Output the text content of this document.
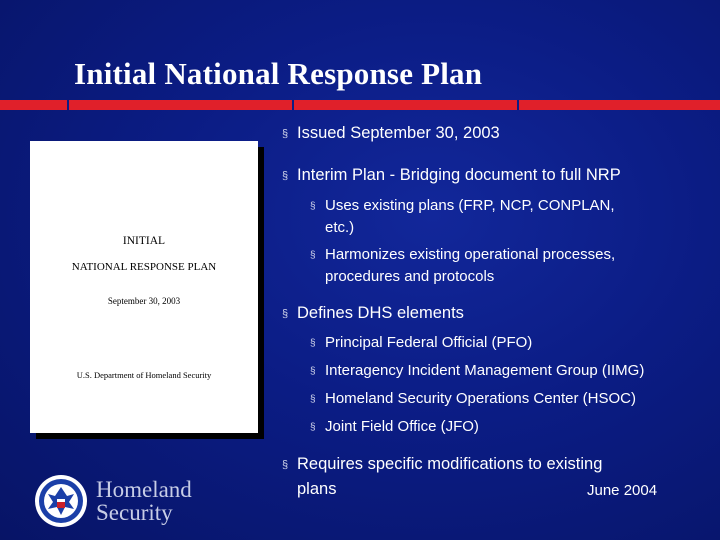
Initial National Response Plan
INITIAL
NATIONAL RESPONSE PLAN
September 30, 2003
U.S. Department of Homeland Security
§ Issued September 30, 2003
§ Interim Plan - Bridging document to full NRP
§ Uses existing plans (FRP, NCP, CONPLAN,
etc.)
§ Harmonizes existing operational processes,
procedures and protocols
§ Defines DHS elements
§ Principal Federal Official (PFO)
§ Interagency Incident Management Group (IIMG)
§ Homeland Security Operations Center (HSOC)
§ Joint Field Office (JFO)
§ Requires specific modifications to existing
plans	June 2004
Homeland
Security
